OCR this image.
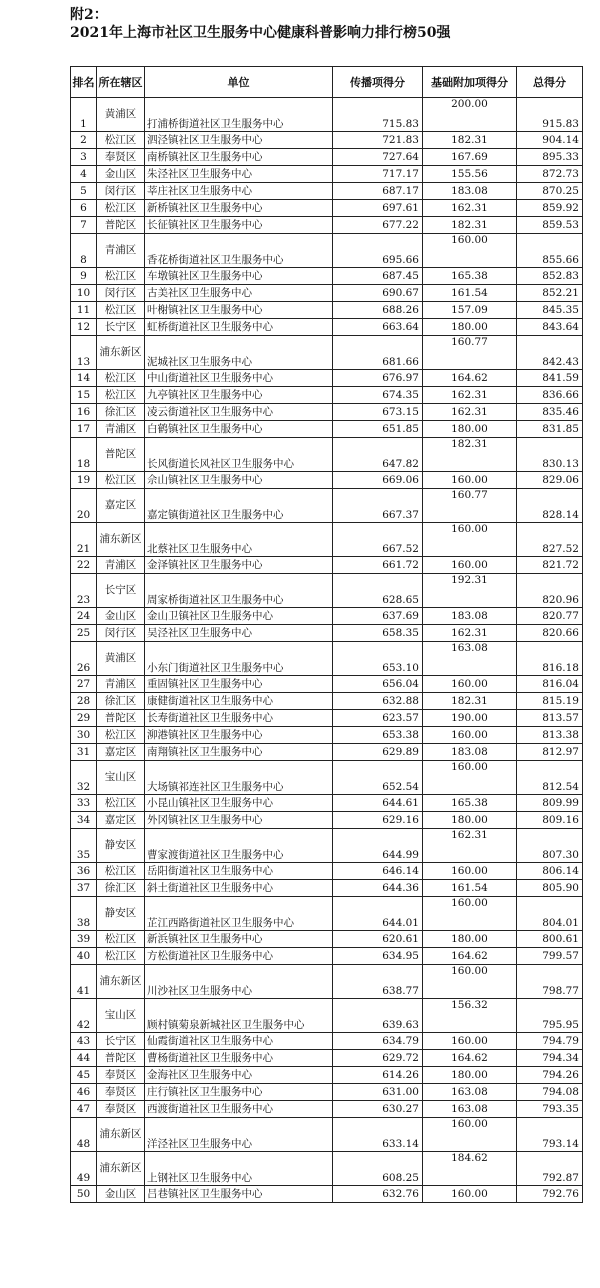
附2：
2021年上海市社区卫生服务中心健康科普影响力排行榜50强
排名	所在辖区	单位	传播项得分	基础附加项得分	总得分
1	黄浦区	打浦桥街道社区卫生服务中心	715.83	200.00	915.83
2	松江区	泗泾镇社区卫生服务中心	721.83	182.31	904.14
3	奉贤区	南桥镇社区卫生服务中心	727.64	167.69	895.33
4	金山区	朱泾社区卫生服务中心	717.17	155.56	872.73
5	闵行区	莘庄社区卫生服务中心	687.17	183.08	870.25
6	松江区	新桥镇社区卫生服务中心	697.61	162.31	859.92
7	普陀区	长征镇社区卫生服务中心	677.22	182.31	859.53
8	青浦区	香花桥街道社区卫生服务中心	695.66	160.00	855.66
9	松江区	车墩镇社区卫生服务中心	687.45	165.38	852.83
10	闵行区	古美社区卫生服务中心	690.67	161.54	852.21
11	松江区	叶榭镇社区卫生服务中心	688.26	157.09	845.35
12	长宁区	虹桥街道社区卫生服务中心	663.64	180.00	843.64
13	浦东新区	泥城社区卫生服务中心	681.66	160.77	842.43
14	松江区	中山街道社区卫生服务中心	676.97	164.62	841.59
15	松江区	九亭镇社区卫生服务中心	674.35	162.31	836.66
16	徐汇区	凌云街道社区卫生服务中心	673.15	162.31	835.46
17	青浦区	白鹤镇社区卫生服务中心	651.85	180.00	831.85
18	普陀区	长风街道长风社区卫生服务中心	647.82	182.31	830.13
19	松江区	佘山镇社区卫生服务中心	669.06	160.00	829.06
20	嘉定区	嘉定镇街道社区卫生服务中心	667.37	160.77	828.14
21	浦东新区	北蔡社区卫生服务中心	667.52	160.00	827.52
22	青浦区	金泽镇社区卫生服务中心	661.72	160.00	821.72
23	长宁区	周家桥街道社区卫生服务中心	628.65	192.31	820.96
24	金山区	金山卫镇社区卫生服务中心	637.69	183.08	820.77
25	闵行区	吴泾社区卫生服务中心	658.35	162.31	820.66
26	黄浦区	小东门街道社区卫生服务中心	653.10	163.08	816.18
27	青浦区	重固镇社区卫生服务中心	656.04	160.00	816.04
28	徐汇区	康健街道社区卫生服务中心	632.88	182.31	815.19
29	普陀区	长寿街道社区卫生服务中心	623.57	190.00	813.57
30	松江区	泖港镇社区卫生服务中心	653.38	160.00	813.38
31	嘉定区	南翔镇社区卫生服务中心	629.89	183.08	812.97
32	宝山区	大场镇祁连社区卫生服务中心	652.54	160.00	812.54
33	松江区	小昆山镇社区卫生服务中心	644.61	165.38	809.99
34	嘉定区	外冈镇社区卫生服务中心	629.16	180.00	809.16
35	静安区	曹家渡街道社区卫生服务中心	644.99	162.31	807.30
36	松江区	岳阳街道社区卫生服务中心	646.14	160.00	806.14
37	徐汇区	斜土街道社区卫生服务中心	644.36	161.54	805.90
38	静安区	芷江西路街道社区卫生服务中心	644.01	160.00	804.01
39	松江区	新浜镇社区卫生服务中心	620.61	180.00	800.61
40	松江区	方松街道社区卫生服务中心	634.95	164.62	799.57
41	浦东新区	川沙社区卫生服务中心	638.77	160.00	798.77
42	宝山区	顾村镇菊泉新城社区卫生服务中心	639.63	156.32	795.95
43	长宁区	仙霞街道社区卫生服务中心	634.79	160.00	794.79
44	普陀区	曹杨街道社区卫生服务中心	629.72	164.62	794.34
45	奉贤区	金海社区卫生服务中心	614.26	180.00	794.26
46	奉贤区	庄行镇社区卫生服务中心	631.00	163.08	794.08
47	奉贤区	西渡街道社区卫生服务中心	630.27	163.08	793.35
48	浦东新区	洋泾社区卫生服务中心	633.14	160.00	793.14
49	浦东新区	上钢社区卫生服务中心	608.25	184.62	792.87
50	金山区	吕巷镇社区卫生服务中心	632.76	160.00	792.76
